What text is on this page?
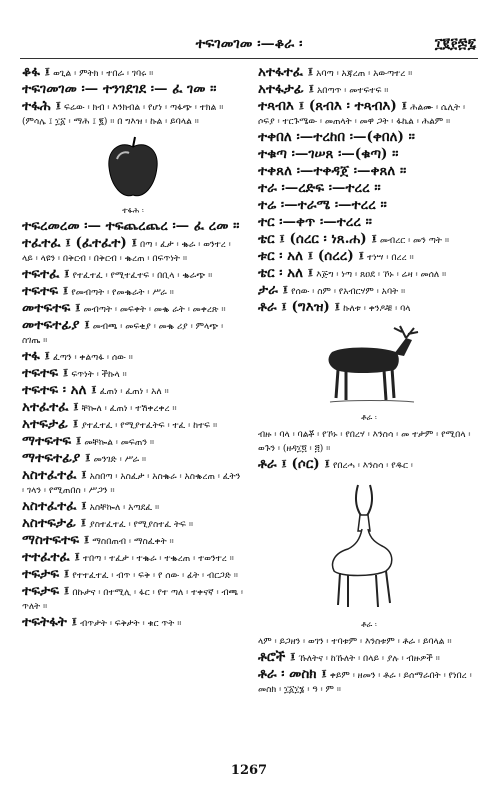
ተፍገመገመ ፡—ቆራ ፡	፲፪፻፷፯
ቆፋ ፤ ወጊል ፡ ምትክ ፡ ተበራ ፡ ገባሩ ።
ተፍገመገመ ፡— ተንገደገደ ፡— ፈ ገመ ።
ተፋሕ ፤ ፍሬው ፡ ክብ ፡ እንክብል ፡ የሆነ ፡ ጣፋጭ ፡ ተክል ። (ምሳሌ ፤ ፲፩ ፡ ማሕ ፤ ፪) ። በ ግእዝ ፡ ኩል ፡ ይባላል ።
ተፋሕ ፡
ተፍረመረመ ፡— ተፍጨረጨረ ፡— ፈ ረመ ።
ተፈተፈ ፤ (ፈተፈተ) ፤ በጣ ፡ ፈታ ፡ ቈራ ፡ ወንተረ ፡ ላይ ፡ ላዩን ፡ በቅርብ ፡ በቅርብ ፡ ቈረጠ ፡ በፍጥነት ።
ተፍተፈ ፤ የተፈተፈ ፡ የሚተፈተፍ ፡ በቢላ ፡ ቈራጭ ።
ተፍተፍ ፤ የመብጣት ፡ የመቈራት ፡ ሥራ ።
መተፍተፍ ፤ መብጣት ፡ መፍቀት ፡ መቈ ራት ፡ መቀረጽ ።
መተፍተፊያ ፤ መብጫ ፡ መፍቂያ ፡ መቈ ሪያ ፡ ምላጭ ፡ ስገጤ ።
ተፋ ፤ ፈጣን ፡ ቀልጣፋ ፡ ሰው ።
ተፍተፍ ፤ ፍጥነት ፡ ችኩላ ።
ተፍተፍ ፡ አለ ፤ ፈጠነ ፡ ፈጠነ ፡ አለ ።
አተፈተፈ ፤ ቸኰለ ፡ ፈጠነ ፡ ተሽቀረቀረ ።
አተፍታፊ ፤ ያተፈተፈ ፡ የሚያተፈትፍ ፡ ተፈ ፡ ከተፍ ።
ማተፍተፍ ፤ መቸኰል ፡ መፍጠን ።
ማተፍተፊያ ፤ መንገድ ፡ ሥራ ።
አስተፈተፈ ፤ አስበጣ ፡ አስፈታ ፡ አስቈራ ፡ አስቈረጠ ፡ ፈትን ፡ ገላን ፡ የሚጠበስ ፡ ሥጋን ።
አስተፈተፈ ፤ አስቸኰለ ፡ አጣደፈ ።
አስተፍታፊ ፤ ያስተፈተፈ ፡ የሚያስተፈ ትፍ ።
ማስተፍተፍ ፤ ማስበጠብ ፡ ማስፈቀት ።
ተተፈተፈ ፤ ተበጣ ፡ ተፈታ ፡ ተቈራ ፡ ተቈረጠ ፡ ተወንተረ ።
ተፍታፍ ፤ የተተፈተፈ ፡ ብጥ ፡ ፍቅ ፡ የ ሰው ፡ ፊት ፡ ብርጋድ ።
ተፍታፍ ፤ በኩታና ፡ በተሚሊ ፡ ፋር ፡ የተ ጣለ ፡ ተቀናኛ ፡ ብጫ ፡ ጥለት ።
ተፍትፋት ፤ ብጥታት ፡ ፍቅታት ፡ ቁር ጥት ።
አተፋተፈ ፤ አባጣ ፡ አጃረጠ ፡ አውጣተረ ።
አተፋታፊ ፤ አበጣጥ ፡ መተፍተፍ ።
ተጻብእ ፤ (ጸብእ ፡ ተጻብእ) ፤ ሕልሙ ፡ ሴሊት ፡ ሶፍያ ፡ ተርጉሜው ፡ መጠላት ፡ መዋ ጋት ፡ ፋኬል ፡ ሕልም ።
ተቀበለ ፡—ተረከበ ፡—(ቀበለ) ።
ተቁጣ ፡—ገሠጸ ፡—(ቁጣ) ።
ተቀጸለ ፡—ተቀዳጀ ፡—ቀጸለ ።
ተራ ፡—ረድፍ ፡—ተረረ ።
ተሬ ፡—ተራሜ ፡—ተረረ ።
ተር ፡—ቀጥ ፡—ተረረ ።
ቴር ፤ (ሰረር ፡ ነጸ.ሐ) ፤ መብረር ፡ መን ጣት ።
ቱር ፡ አለ ፤ (ሰረረ) ፤ ተነሣ ፡ በረረ ።
ቴር ፡ አለ ፤ እጅግ ፡ ነጣ ፡ ጸዐደ ፡ ኾኑ ፡ ሬዛ ፡ መሰለ ።
ታራ ፤ የሰው ፡ ስም ፡ የአብርሃም ፡ አባት ።
ቶራ ፤ (ግእዝ) ፤ ኩለቱ ፡ ቀንዶቹ ፡ ባላ
ቶራ ፡
ብዙ ፡ ባላ ፡ ባልቾ ፡ የኾኑ ፡ የበረሃ ፡ እንስሳ ፡ መ ተታም ፡ የሚበላ ፡ ወጉን ፡ (ዘዳ፲፬ ፡ ፭) ።
ቶራ ፤ (ሶር) ፤ የበረሓ ፡ እንስሳ ፡ የዱር ፡
ቶራ ፡
ላም ፡ ይጋዘን ፡ ወገን ፡ ተባቱም ፡ እንስቱም ፡ ቶራ ፡ ይባላል ።
ቶሮች ፤ ኹለትና ፡ ከኹለት ፡ በላይ ፡ ያሉ ፡ ብዙዎች ።
ቶራ ፡ መስክ ፤ ቀይም ፡ ዘመን ፡ ቶራ ፡ ይሰማራበት ፡ የነበረ ፡ መስክ ፡ ፲፩፲፮ ፡ ዓ ፡ ም ።
1267
